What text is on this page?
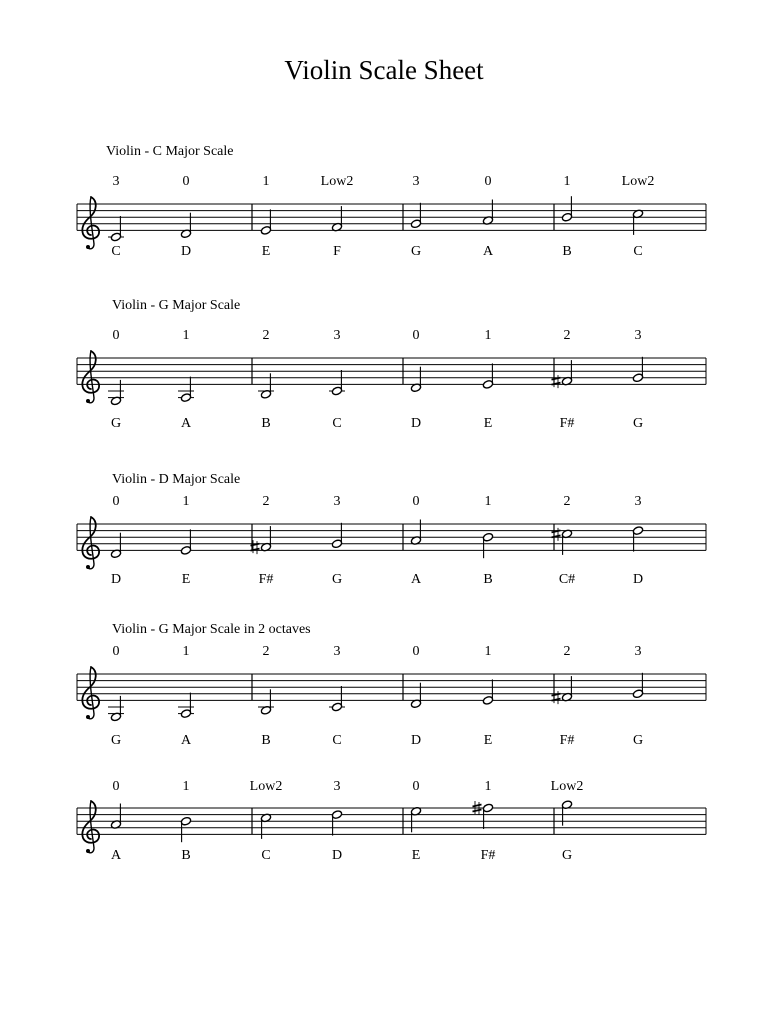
Violin Scale Sheet
Violin - C Major Scale
3
C
0
D
1
E
Low2
F
3
G
0
A
1
B
Low2
C
Violin - G Major Scale
0
G
1
A
2
B
3
C
0
D
1
E
2
F#
3
G
Violin - D Major Scale
0
D
1
E
2
F#
3
G
0
A
1
B
2
C#
3
D
Violin - G Major Scale in 2 octaves
0
G
1
A
2
B
3
C
0
D
1
E
2
F#
3
G
0
A
1
B
Low2
C
3
D
0
E
1
F#
Low2
G
